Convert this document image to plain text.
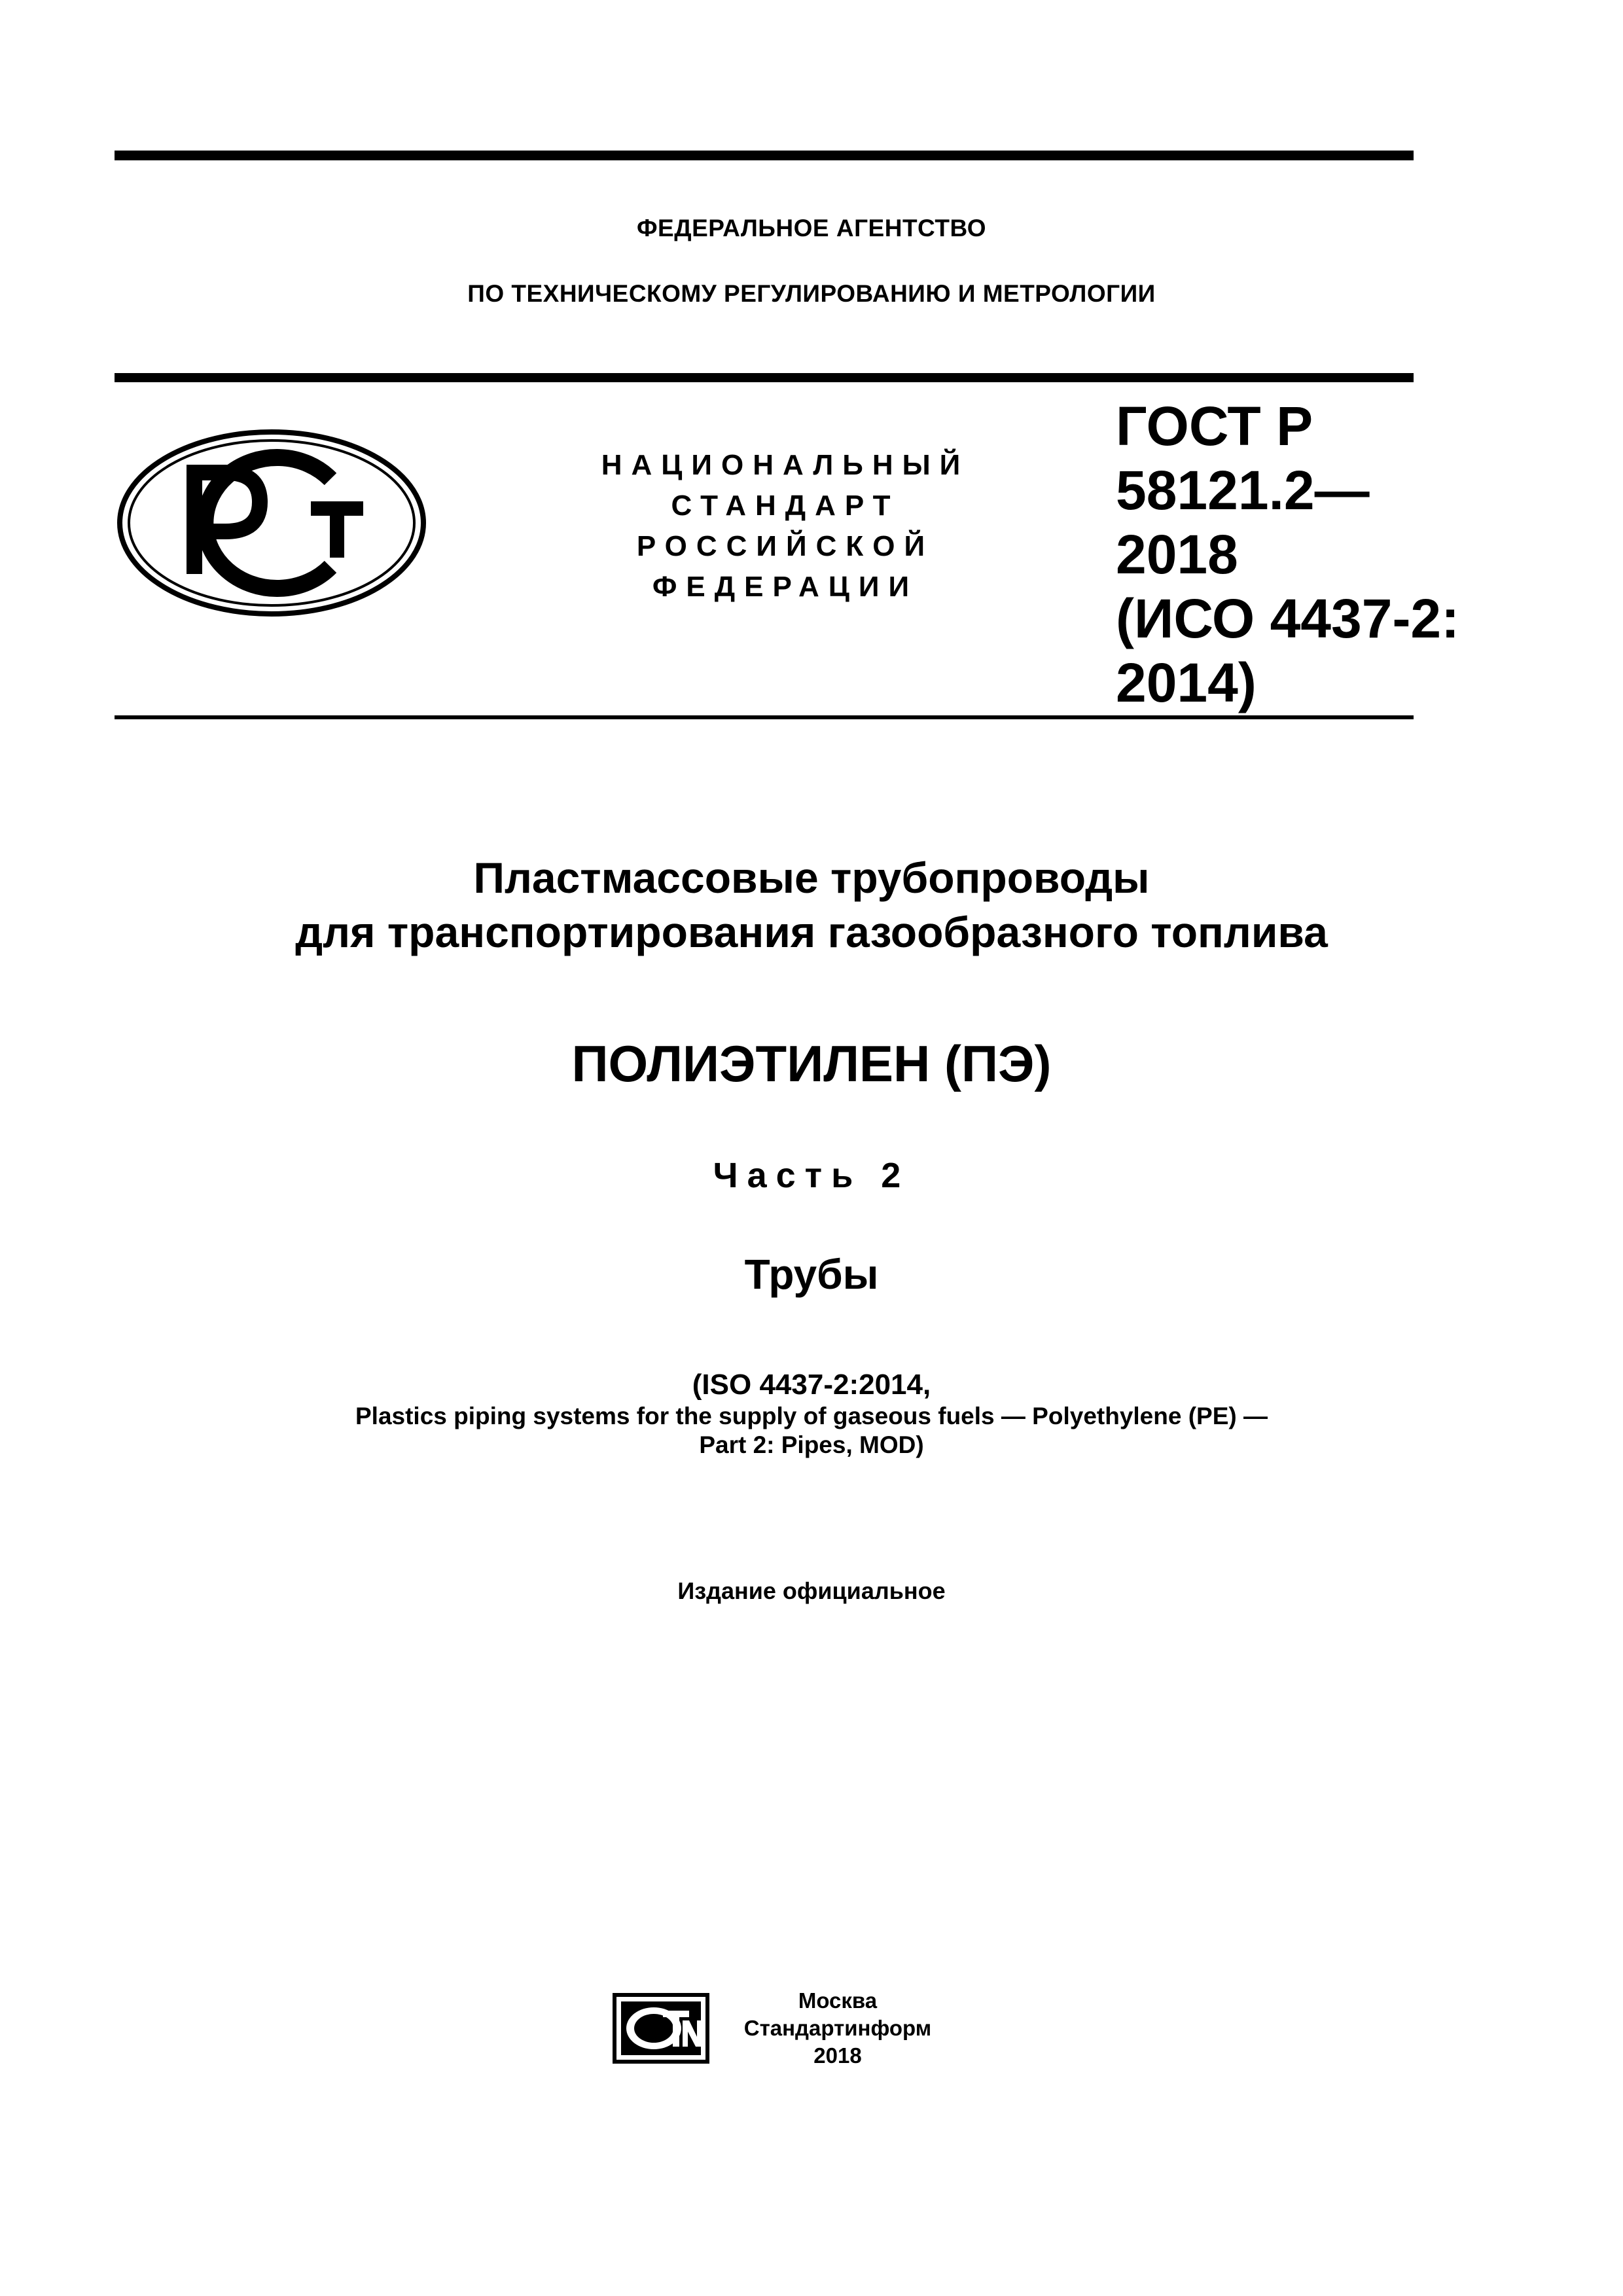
ФЕДЕРАЛЬНОЕ АГЕНТСТВО
ПО ТЕХНИЧЕСКОМУ РЕГУЛИРОВАНИЮ И МЕТРОЛОГИИ
НАЦИОНАЛЬНЫЙ
СТАНДАРТ
РОССИЙСКОЙ
ФЕДЕРАЦИИ
ГОСТ Р
58121.2—
2018
(ИСО 4437-2:
2014)
Пластмассовые трубопроводы
для транспортирования газообразного топлива
ПОЛИЭТИЛЕН (ПЭ)
Часть 2
Трубы
(ISO 4437-2:2014,
Plastics piping systems for the supply of gaseous fuels — Polyethylene (PE) —
Part 2: Pipes, MOD)
Издание официальное
Москва
Стандартинформ
2018
